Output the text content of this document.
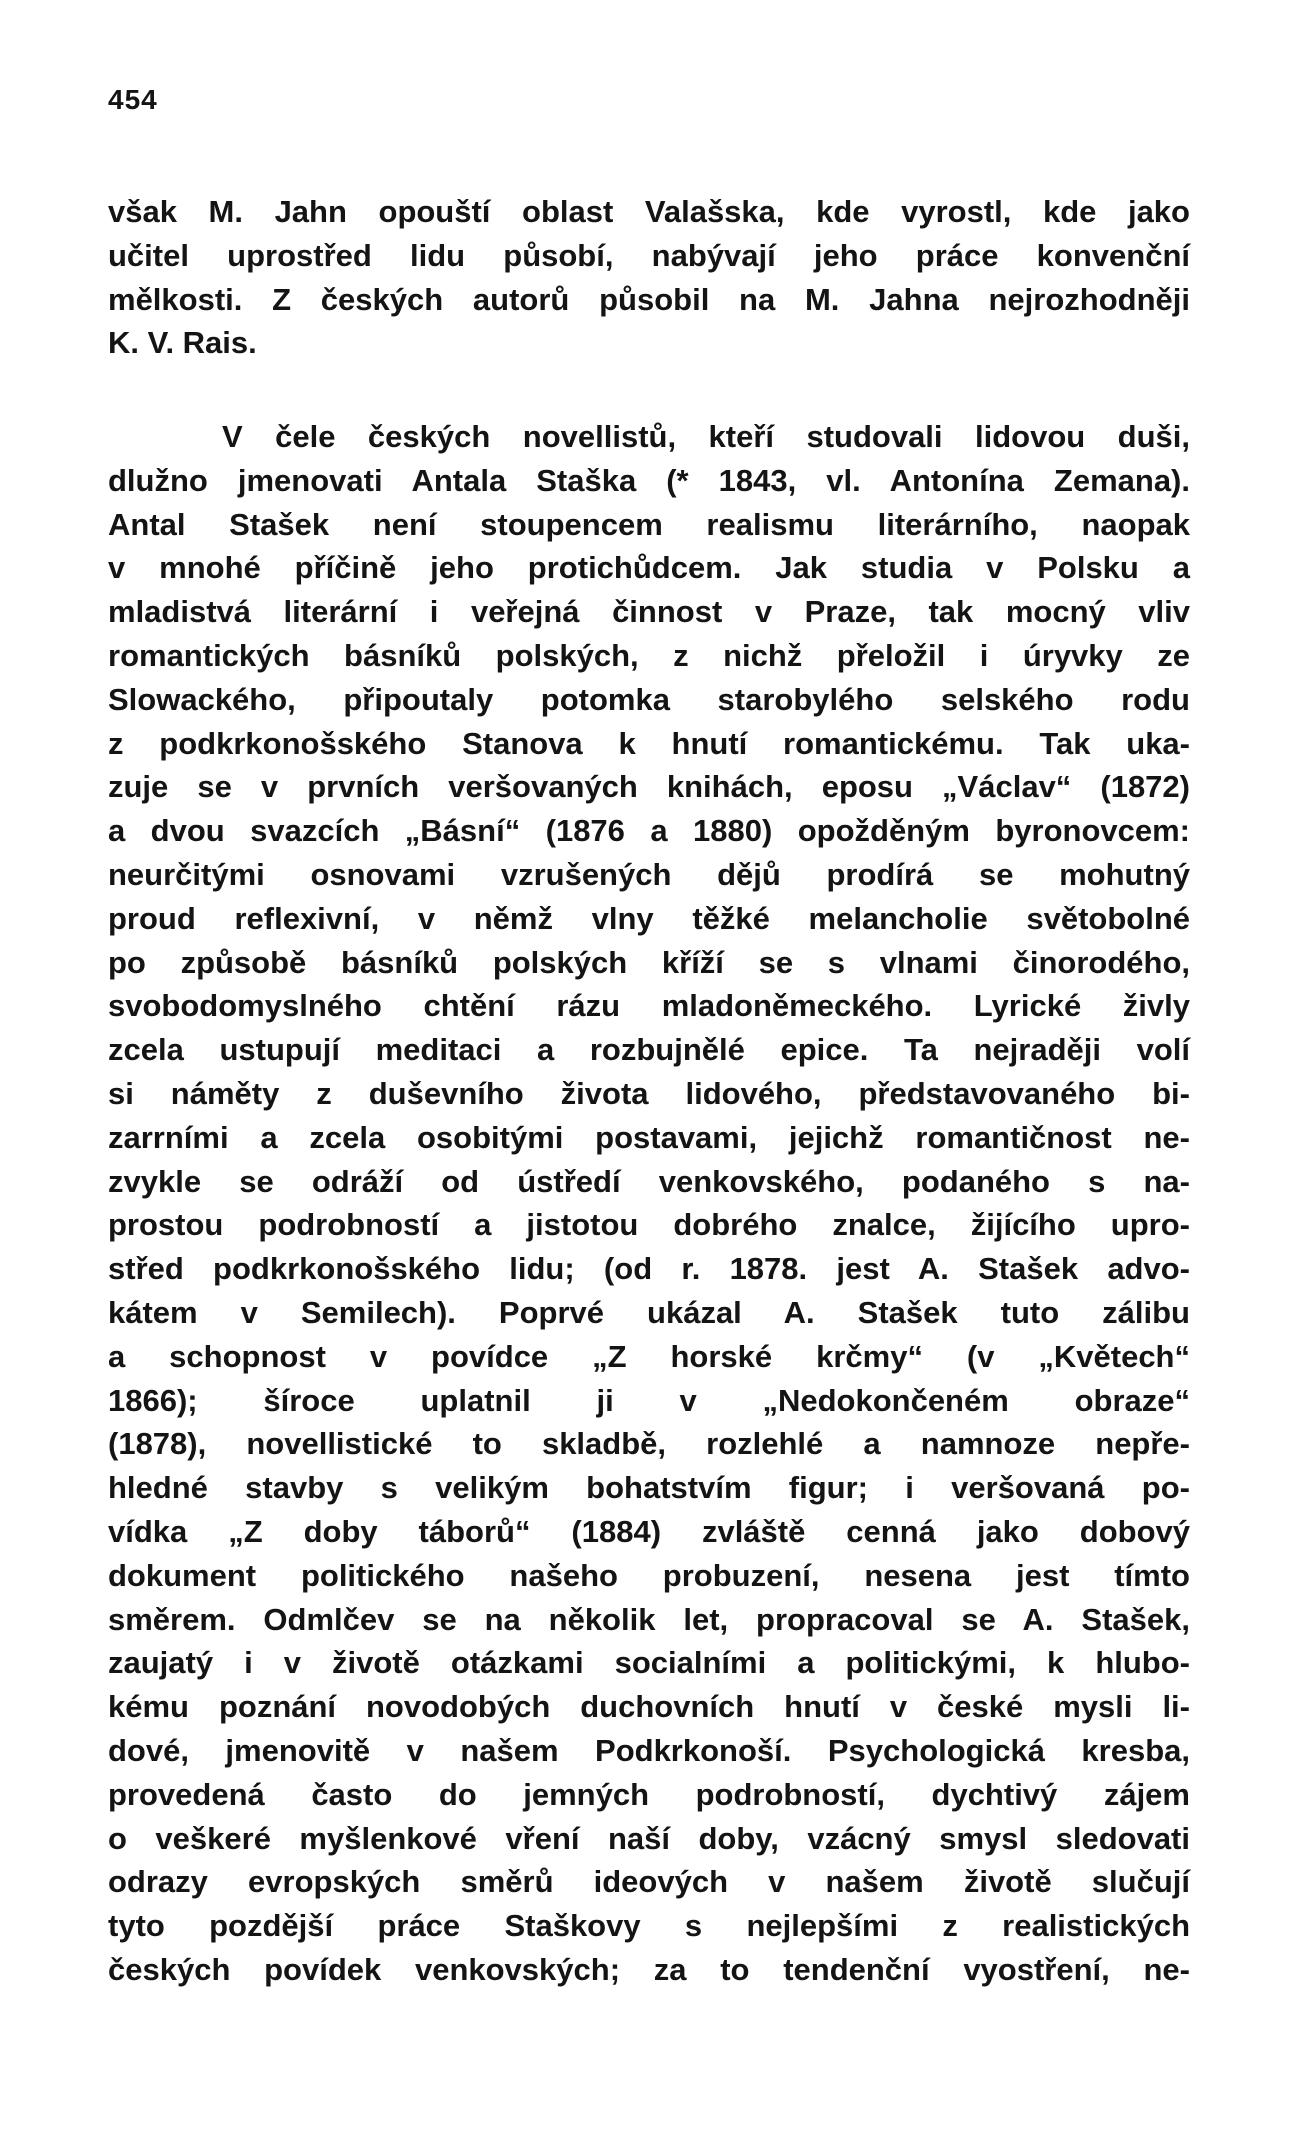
454

však M. Jahn opouští oblast Valašska, kde vyrostl, kde jako
učitel uprostřed lidu působí, nabývají jeho práce konvenční
mělkosti. Z českých autorů působil na M. Jahna nejrozhodněji
K. V. Rais.
V čele českých novellistů, kteří studovali lidovou duši,
dlužno jmenovati Antala Staška (* 1843, vl. Antonína Zemana).
Antal Stašek není stoupencem realismu literárního, naopak
v mnohé příčině jeho protichůdcem. Jak studia v Polsku a
mladistvá literární i veřejná činnost v Praze, tak mocný vliv
romantických básníků polských, z nichž přeložil i úryvky ze
Slowackého, připoutaly potomka starobylého selského rodu
z podkrkonošského Stanova k hnutí romantickému. Tak uka-
zuje se v prvních veršovaných knihách, eposu „Václav“ (1872)
a dvou svazcích „Básní“ (1876 a 1880) opožděným byronovcem:
neurčitými osnovami vzrušených dějů prodírá se mohutný
proud reflexivní, v němž vlny těžké melancholie světobolné
po způsobě básníků polských kříží se s vlnami činorodého,
svobodomyslného chtění rázu mladoněmeckého. Lyrické živly
zcela ustupují meditaci a rozbujnělé epice. Ta nejraději volí
si náměty z duševního života lidového, představovaného bi-
zarrními a zcela osobitými postavami, jejichž romantičnost ne-
zvykle se odráží od ústředí venkovského, podaného s na-
prostou podrobností a jistotou dobrého znalce, žijícího upro-
střed podkrkonošského lidu; (od r. 1878. jest A. Stašek advo-
kátem v Semilech). Poprvé ukázal A. Stašek tuto zálibu
a schopnost v povídce „Z horské krčmy“ (v „Květech“
1866); šíroce uplatnil ji v „Nedokončeném obraze“
(1878), novellistické to skladbě, rozlehlé a namnoze nepře-
hledné stavby s velikým bohatstvím figur; i veršovaná po-
vídka „Z doby táborů“ (1884) zvláště cenná jako dobový
dokument politického našeho probuzení, nesena jest tímto
směrem. Odmlčev se na několik let, propracoval se A. Stašek,
zaujatý i v životě otázkami socialními a politickými, k hlubo-
kému poznání novodobých duchovních hnutí v české mysli li-
dové, jmenovitě v našem Podkrkonoší. Psychologická kresba,
provedená často do jemných podrobností, dychtivý zájem
o veškeré myšlenkové vření naší doby, vzácný smysl sledovati
odrazy evropských směrů ideových v našem životě slučují
tyto pozdější práce Staškovy s nejlepšími z realistických
českých povídek venkovských; za to tendenční vyostření, ne-
